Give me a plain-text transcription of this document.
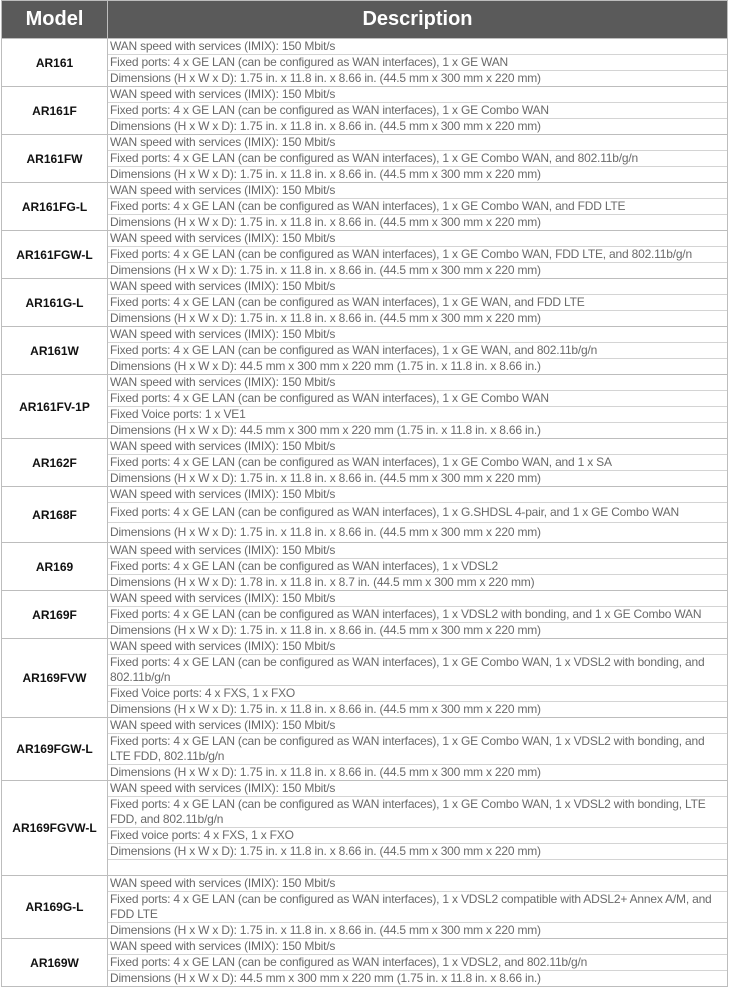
Model	Description
AR161	WAN speed with services (IMIX): 150 Mbit/s
Fixed ports: 4 x GE LAN (can be configured as WAN interfaces), 1 x GE WAN
Dimensions (H x W x D): 1.75 in. x 11.8 in. x 8.66 in. (44.5 mm x 300 mm x 220 mm)

AR161F	WAN speed with services (IMIX): 150 Mbit/s
Fixed ports: 4 x GE LAN (can be configured as WAN interfaces), 1 x GE Combo WAN
Dimensions (H x W x D): 1.75 in. x 11.8 in. x 8.66 in. (44.5 mm x 300 mm x 220 mm)

AR161FW	WAN speed with services (IMIX): 150 Mbit/s
Fixed ports: 4 x GE LAN (can be configured as WAN interfaces), 1 x GE Combo WAN, and 802.11b/g/n
Dimensions (H x W x D): 1.75 in. x 11.8 in. x 8.66 in. (44.5 mm x 300 mm x 220 mm)

AR161FG-L	WAN speed with services (IMIX): 150 Mbit/s
Fixed ports: 4 x GE LAN (can be configured as WAN interfaces), 1 x GE Combo WAN, and FDD LTE
Dimensions (H x W x D): 1.75 in. x 11.8 in. x 8.66 in. (44.5 mm x 300 mm x 220 mm)

AR161FGW-L	WAN speed with services (IMIX): 150 Mbit/s
Fixed ports: 4 x GE LAN (can be configured as WAN interfaces), 1 x GE Combo WAN, FDD LTE, and 802.11b/g/n
Dimensions (H x W x D): 1.75 in. x 11.8 in. x 8.66 in. (44.5 mm x 300 mm x 220 mm)

AR161G-L	WAN speed with services (IMIX): 150 Mbit/s
Fixed ports: 4 x GE LAN (can be configured as WAN interfaces), 1 x GE WAN, and FDD LTE
Dimensions (H x W x D): 1.75 in. x 11.8 in. x 8.66 in. (44.5 mm x 300 mm x 220 mm)

AR161W	WAN speed with services (IMIX): 150 Mbit/s
Fixed ports: 4 x GE LAN (can be configured as WAN interfaces), 1 x GE WAN, and 802.11b/g/n
Dimensions (H x W x D): 44.5 mm x 300 mm x 220 mm (1.75 in. x 11.8 in. x 8.66 in.)

AR161FV-1P	WAN speed with services (IMIX): 150 Mbit/s
Fixed ports: 4 x GE LAN (can be configured as WAN interfaces), 1 x GE Combo WAN
Fixed Voice ports: 1 x VE1
Dimensions (H x W x D): 44.5 mm x 300 mm x 220 mm (1.75 in. x 11.8 in. x 8.66 in.)

AR162F	WAN speed with services (IMIX): 150 Mbit/s
Fixed ports: 4 x GE LAN (can be configured as WAN interfaces), 1 x GE Combo WAN, and 1 x SA
Dimensions (H x W x D): 1.75 in. x 11.8 in. x 8.66 in. (44.5 mm x 300 mm x 220 mm)

AR168F	WAN speed with services (IMIX): 150 Mbit/s
Fixed ports: 4 x GE LAN (can be configured as WAN interfaces), 1 x G.SHDSL 4-pair, and 1 x GE Combo WAN
Dimensions (H x W x D): 1.75 in. x 11.8 in. x 8.66 in. (44.5 mm x 300 mm x 220 mm)

AR169	WAN speed with services (IMIX): 150 Mbit/s
Fixed ports: 4 x GE LAN (can be configured as WAN interfaces), 1 x VDSL2
Dimensions (H x W x D): 1.78 in. x 11.8 in. x 8.7 in. (44.5 mm x 300 mm x 220 mm)

AR169F	WAN speed with services (IMIX): 150 Mbit/s
Fixed ports: 4 x GE LAN (can be configured as WAN interfaces), 1 x VDSL2 with bonding, and 1 x GE Combo WAN
Dimensions (H x W x D): 1.75 in. x 11.8 in. x 8.66 in. (44.5 mm x 300 mm x 220 mm)

AR169FVW	WAN speed with services (IMIX): 150 Mbit/s
Fixed ports: 4 x GE LAN (can be configured as WAN interfaces), 1 x GE Combo WAN, 1 x VDSL2 with bonding, and 802.11b/g/n
Fixed Voice ports: 4 x FXS, 1 x FXO
Dimensions (H x W x D): 1.75 in. x 11.8 in. x 8.66 in. (44.5 mm x 300 mm x 220 mm)

AR169FGW-L	WAN speed with services (IMIX): 150 Mbit/s
Fixed ports: 4 x GE LAN (can be configured as WAN interfaces), 1 x GE Combo WAN, 1 x VDSL2 with bonding, and LTE FDD, 802.11b/g/n
Dimensions (H x W x D): 1.75 in. x 11.8 in. x 8.66 in. (44.5 mm x 300 mm x 220 mm)

AR169FGVW-L	WAN speed with services (IMIX): 150 Mbit/s
Fixed ports: 4 x GE LAN (can be configured as WAN interfaces), 1 x GE Combo WAN, 1 x VDSL2 with bonding, LTE FDD, and 802.11b/g/n
Fixed voice ports: 4 x FXS, 1 x FXO
Dimensions (H x W x D): 1.75 in. x 11.8 in. x 8.66 in. (44.5 mm x 300 mm x 220 mm)

AR169G-L	WAN speed with services (IMIX): 150 Mbit/s
Fixed ports: 4 x GE LAN (can be configured as WAN interfaces), 1 x VDSL2 compatible with ADSL2+ Annex A/M, and FDD LTE
Dimensions (H x W x D): 1.75 in. x 11.8 in. x 8.66 in. (44.5 mm x 300 mm x 220 mm)

AR169W	WAN speed with services (IMIX): 150 Mbit/s
Fixed ports: 4 x GE LAN (can be configured as WAN interfaces), 1 x VDSL2, and 802.11b/g/n
Dimensions (H x W x D): 44.5 mm x 300 mm x 220 mm (1.75 in. x 11.8 in. x 8.66 in.)
